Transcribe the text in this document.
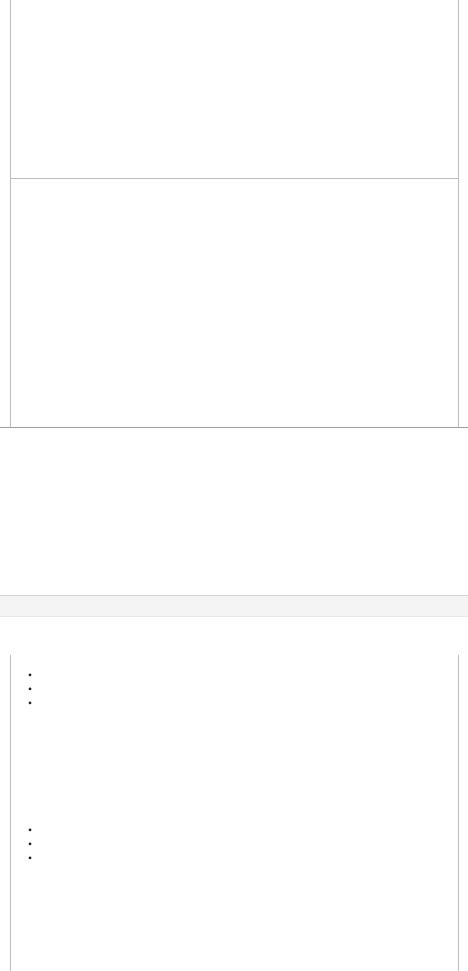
•
•
•
•
•
•
